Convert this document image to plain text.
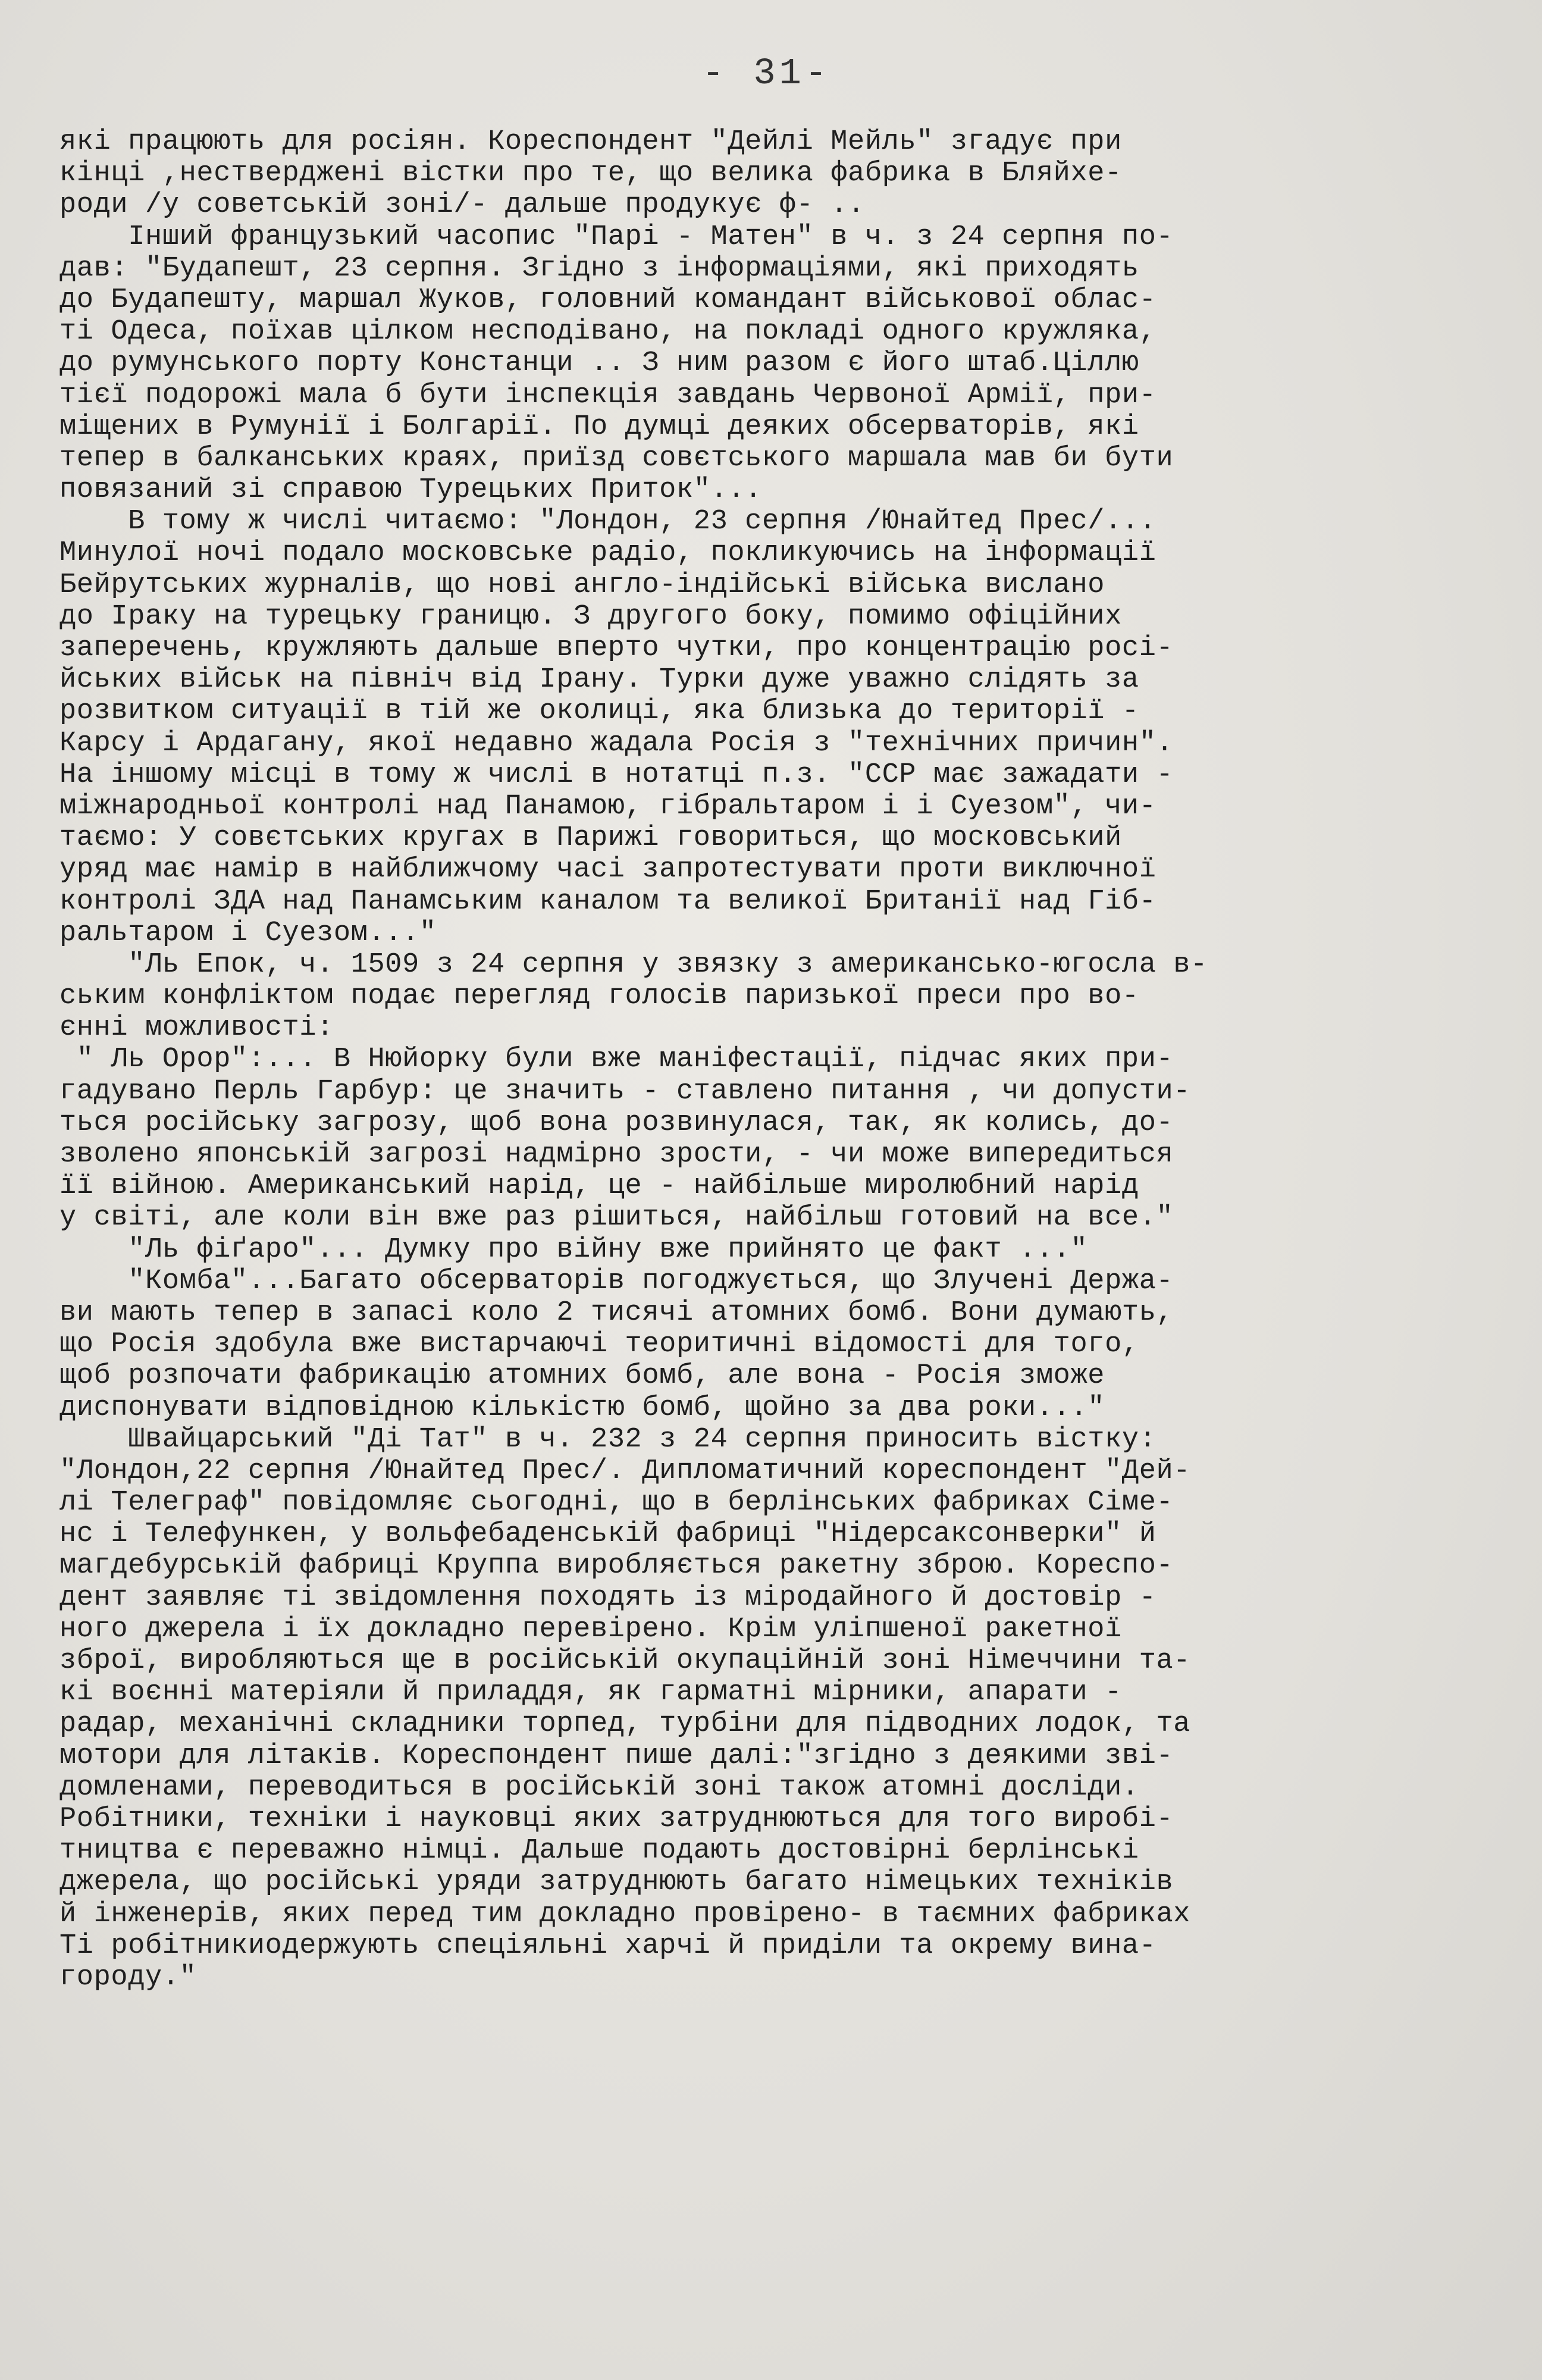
- 31-
які працюють для росіян. Кореспондент "Дейлі Мейль" згадує при
кінці ,нестверджені вістки про те, що велика фабрика в Бляйхе-
роди /у советській зоні/- дальше продукує ф- ..
Інший французький часопис "Парі - Матен" в ч. з 24 серпня по-
дав: "Будапешт, 23 серпня. Згідно з інформаціями, які приходять
до Будапешту, маршал Жуков, головний командант військової облас-
ті Одеса, поїхав цілком несподівано, на покладі одного кружляка,
до румунського порту Констанци .. З ним разом є його штаб.Ціллю
тієї подорожі мала б бути інспекція завдань Червоної Армії, при-
міщених в Румунії і Болгарії. По думці деяких обсерваторів, які
тепер в балканських краях, приїзд совєтського маршала мав би бути
повязаний зі справою Турецьких Приток"...
В тому ж числі читаємо: "Лондон, 23 серпня /Юнайтед Прес/...
Минулої ночі подало московське радіо, покликуючись на інформації
Бейрутських журналів, що нові англо-індійські війська вислано
до Іраку на турецьку границю. З другого боку, помимо офіційних
заперечень, кружляють дальше вперто чутки, про концентрацію росі-
йських військ на північ від Ірану. Турки дуже уважно слідять за
розвитком ситуації в тій же околиці, яка близька до території -
Карсу і Ардагану, якої недавно жадала Росія з "технічних причин".
На іншому місці в тому ж числі в нотатці п.з. "ССР має зажадати -
міжнародньої контролі над Панамою, гібральтаром і і Суезом", чи-
таємо: У совєтських кругах в Парижі говориться, що московський
уряд має намір в найближчому часі запротестувати проти виключної
контролі ЗДА над Панамським каналом та великої Британії над Гіб-
ральтаром і Суезом..."
"Ль Епок, ч. 1509 з 24 серпня у звязку з американсько-югосла в-
ським конфліктом подає перегляд голосів паризької преси про во-
єнні можливості:
" Ль Орор":... В Нюйорку були вже маніфестації, підчас яких при-
гадувано Перль Гарбур: це значить - ставлено питання , чи допусти-
ться російську загрозу, щоб вона розвинулася, так, як колись, до-
зволено японській загрозі надмірно зрости, - чи може випередиться
її війною. Американський нарід, це - найбільше миролюбний нарід
у світі, але коли він вже раз рішиться, найбільш готовий на все."
"Ль фіґаро"... Думку про війну вже прийнято це факт ..."
"Комба"...Багато обсерваторів погоджується, що Злучені Держа-
ви мають тепер в запасі коло 2 тисячі атомних бомб. Вони думають,
що Росія здобула вже вистарчаючі теоритичні відомості для того,
щоб розпочати фабрикацію атомних бомб, але вона - Росія зможе
диспонувати відповідною кількістю бомб, щойно за два роки..."
Швайцарський "Ді Тат" в ч. 232 з 24 серпня приносить вістку:
"Лондон,22 серпня /Юнайтед Прес/. Дипломатичний кореспондент "Дей-
лі Телеграф" повідомляє сьогодні, що в берлінських фабриках Сіме-
нс і Телефункен, у вольфебаденській фабриці "Нідерсаксонверки" й
магдебурській фабриці Круппа виробляється ракетну зброю. Кореспо-
дент заявляє ті звідомлення походять із міродайного й достовір -
ного джерела і їх докладно перевірено. Крім уліпшеної ракетної
зброї, виробляються ще в російській окупаційній зоні Німеччини та-
кі воєнні матеріяли й приладдя, як гарматні мірники, апарати -
радар, механічні складники торпед, турбіни для підводних лодок, та
мотори для літаків. Кореспондент пише далі:"згідно з деякими зві-
домленами, переводиться в російській зоні також атомні досліди.
Робітники, техніки і науковці яких затруднюються для того виробі-
тництва є переважно німці. Дальше подають достовірні берлінські
джерела, що російські уряди затруднюють багато німецьких техніків
й інженерів, яких перед тим докладно провірено- в таємних фабриках
Ті робітникиодержують спеціяльні харчі й приділи та окрему вина-
городу."
